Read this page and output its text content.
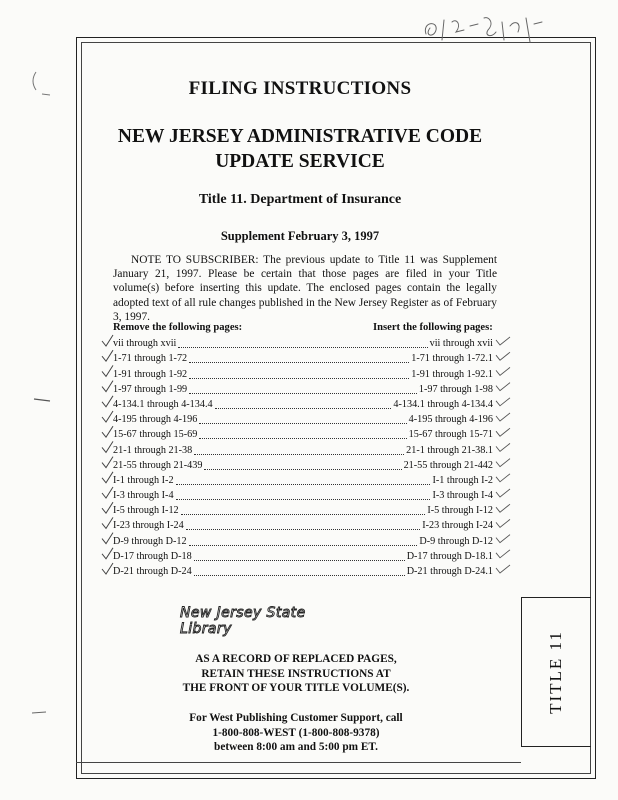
TITLE 11
FILING INSTRUCTIONS
NEW JERSEY ADMINISTRATIVE CODE
UPDATE SERVICE
Title 11. Department of Insurance
Supplement February 3, 1997
NOTE TO SUBSCRIBER: The previous update to Title 11 was Supplement January 21, 1997. Please be certain that those pages are filed in your Title volume(s) before inserting this update. The enclosed pages contain the legally adopted text of all rule changes published in the New Jersey Register as of February 3, 1997.
Remove the following pages:	Insert the following pages:
vii through xvii	vii through xvii
1-71 through 1-72	1-71 through 1-72.1
1-91 through 1-92	1-91 through 1-92.1
1-97 through 1-99	1-97 through 1-98
4-134.1 through 4-134.4	4-134.1 through 4-134.4
4-195 through 4-196	4-195 through 4-196
15-67 through 15-69	15-67 through 15-71
21-1 through 21-38	21-1 through 21-38.1
21-55 through 21-439	21-55 through 21-442
I-1 through I-2	I-1 through I-2
I-3 through I-4	I-3 through I-4
I-5 through I-12	I-5 through I-12
I-23 through I-24	I-23 through I-24
D-9 through D-12	D-9 through D-12
D-17 through D-18	D-17 through D-18.1
D-21 through D-24	D-21 through D-24.1
New Jersey State Library
AS A RECORD OF REPLACED PAGES,
RETAIN THESE INSTRUCTIONS AT
THE FRONT OF YOUR TITLE VOLUME(S).
For West Publishing Customer Support, call
1-800-808-WEST (1-800-808-9378)
between 8:00 am and 5:00 pm ET.
